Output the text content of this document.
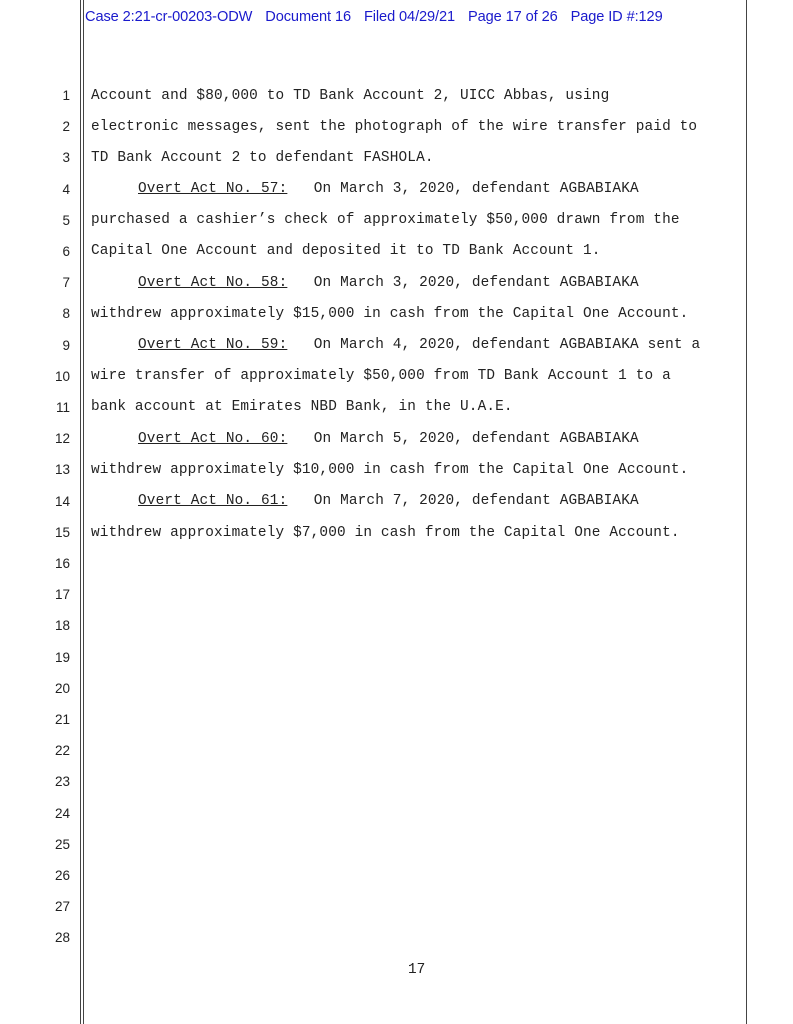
Case 2:21-cr-00203-ODW Document 16 Filed 04/29/21 Page 17 of 26 Page ID #:129
1
2
3
4
5
6
7
8
9
10
11
12
13
14
15
16
17
18
19
20
21
22
23
24
25
26
27
28
Account and $80,000 to TD Bank Account 2, UICC Abbas, using
electronic messages, sent the photograph of the wire transfer paid to
TD Bank Account 2 to defendant FASHOLA.
Overt Act No. 57: On March 3, 2020, defendant AGBABIAKA
purchased a cashier’s check of approximately $50,000 drawn from the
Capital One Account and deposited it to TD Bank Account 1.
Overt Act No. 58: On March 3, 2020, defendant AGBABIAKA
withdrew approximately $15,000 in cash from the Capital One Account.
Overt Act No. 59: On March 4, 2020, defendant AGBABIAKA sent a
wire transfer of approximately $50,000 from TD Bank Account 1 to a
bank account at Emirates NBD Bank, in the U.A.E.
Overt Act No. 60: On March 5, 2020, defendant AGBABIAKA
withdrew approximately $10,000 in cash from the Capital One Account.
Overt Act No. 61: On March 7, 2020, defendant AGBABIAKA
withdrew approximately $7,000 in cash from the Capital One Account.
17
